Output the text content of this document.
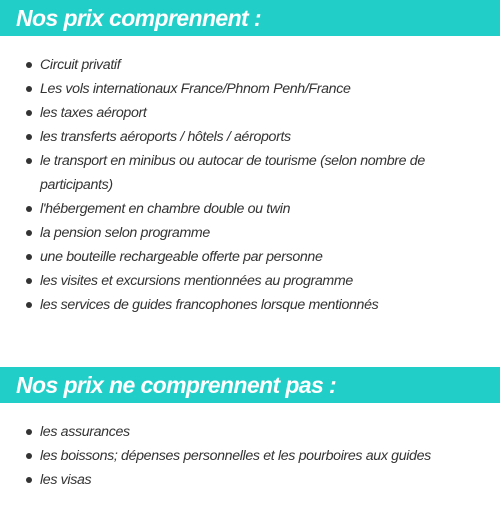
Nos prix comprennent :
Circuit privatif
Les vols internationaux France/Phnom Penh/France
les taxes aéroport
les transferts aéroports / hôtels / aéroports
le transport en minibus ou autocar de tourisme (selon nombre de participants)
l'hébergement en chambre double ou twin
la pension selon programme
une bouteille rechargeable offerte par personne
les visites et excursions mentionnées au programme
les services de guides francophones lorsque mentionnés
Nos prix ne comprennent pas :
les assurances
les boissons; dépenses personnelles et les pourboires aux guides
les visas
